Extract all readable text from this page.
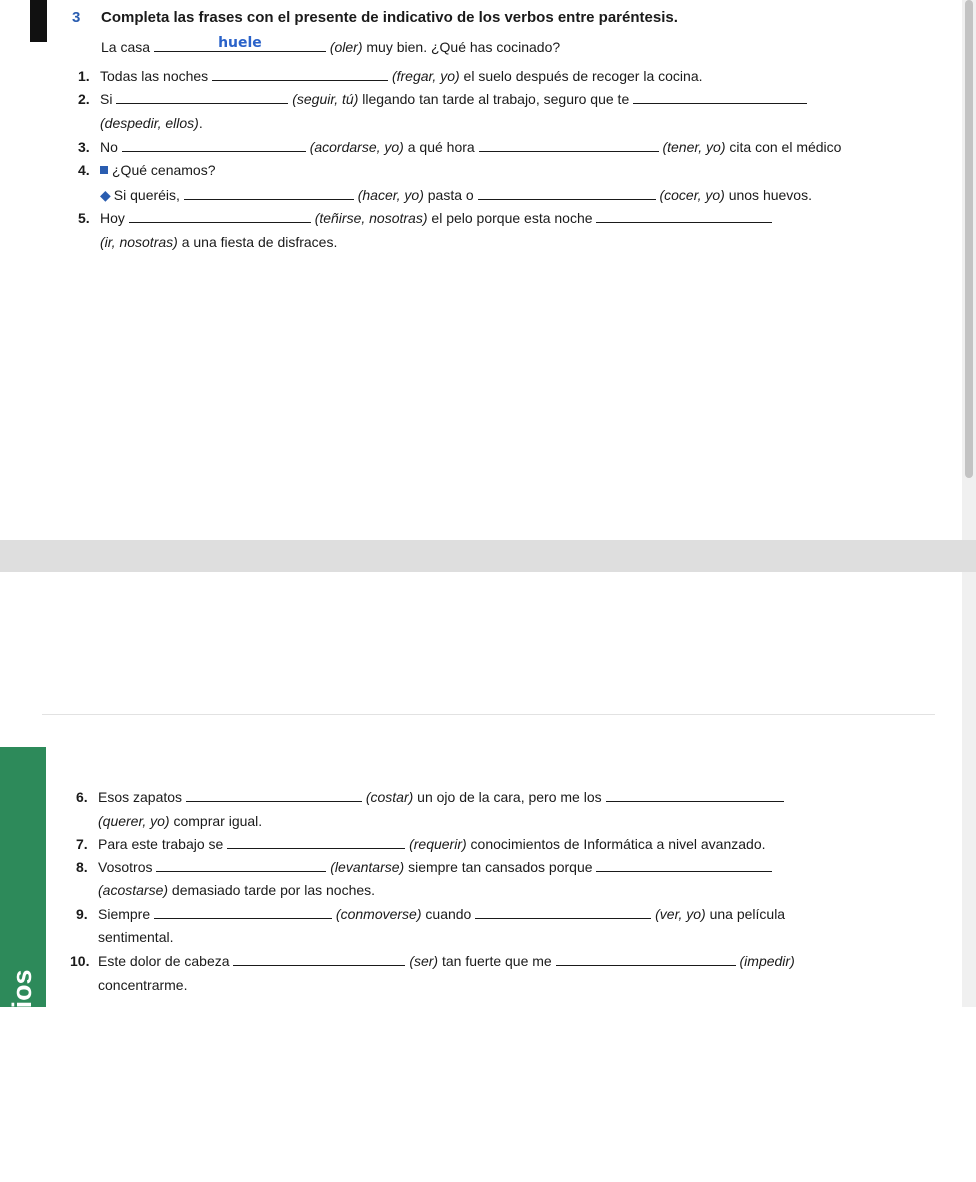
3 Completa las frases con el presente de indicativo de los verbos entre paréntesis.
La casa	huele	(oler) muy bien. ¿Qué has cocinado?
1. Todas las noches	(fregar, yo) el suelo después de recoger la cocina.
2. Si	(seguir, tú) llegando tan tarde al trabajo, seguro que te
(despedir, ellos).
3. No	(acordarse, yo) a qué hora	(tener, yo) cita con el médico
4. ¿Qué cenamos?
◆ Si queréis,	(hacer, yo) pasta o	(cocer, yo) unos huevos.
5. Hoy	(teñirse, nosotras) el pelo porque esta noche
(ir, nosotras) a una fiesta de disfraces.
Ejercicios
6. Esos zapatos	(costar) un ojo de la cara, pero me los
(querer, yo) comprar igual.
7. Para este trabajo se	(requerir) conocimientos de Informática a nivel avanzado.
8. Vosotros	(levantarse) siempre tan cansados porque
(acostarse) demasiado tarde por las noches.
9. Siempre	(conmoverse) cuando	(ver, yo) una película
sentimental.
10. Este dolor de cabeza	(ser) tan fuerte que me	(impedir)
concentrarme.
